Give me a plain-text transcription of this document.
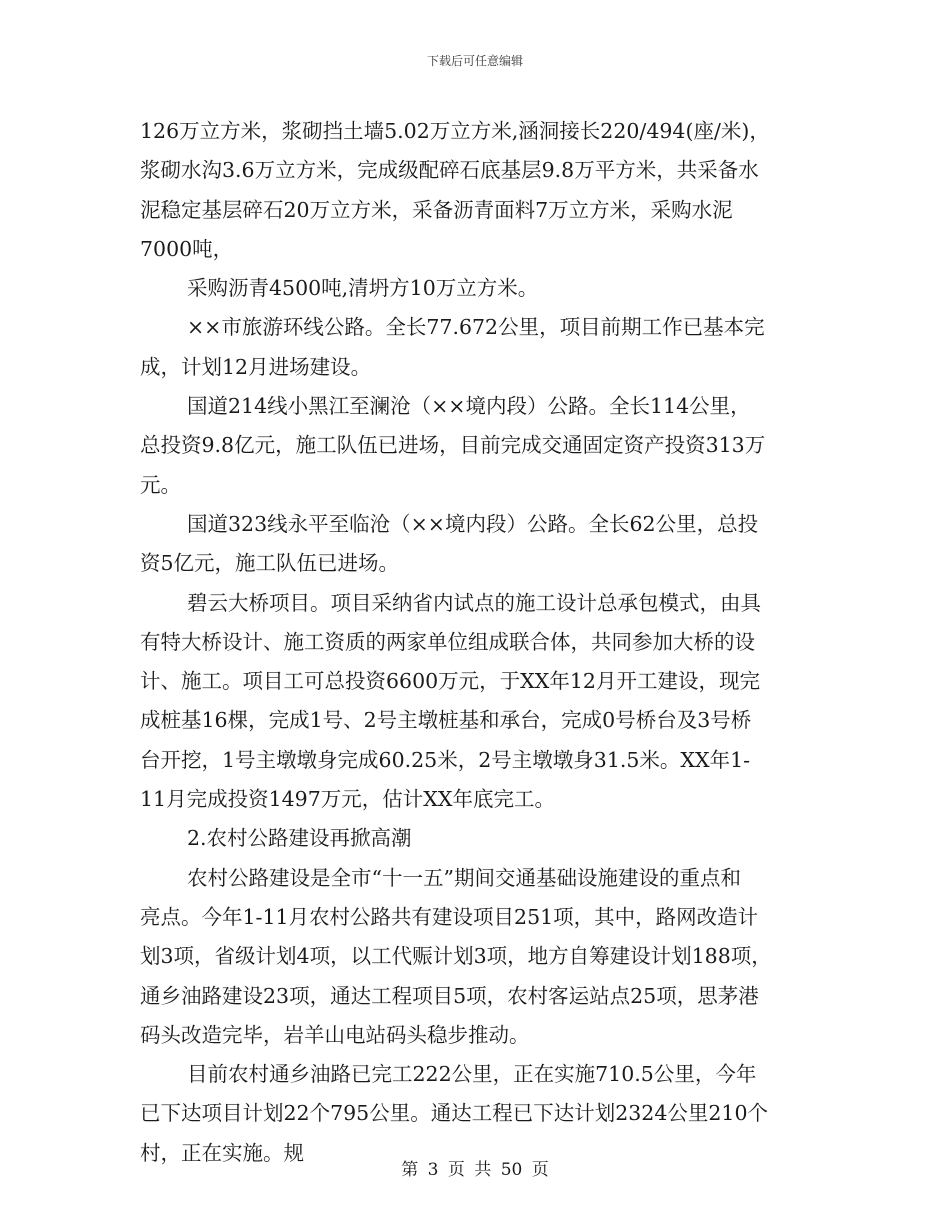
下载后可任意编辑
126万立方米，浆砌挡土墙5.02万立方米,涵洞接长220/494(座/米)，
浆砌水沟3.6万立方米，完成级配碎石底基层9.8万平方米，共采备水
泥稳定基层碎石20万立方米，采备沥青面料7万立方米，采购水泥
7000吨，
采购沥青4500吨,清坍方10万立方米。
××市旅游环线公路。全长77.672公里，项目前期工作已基本完
成，计划12月进场建设。
国道214线小黑江至澜沧（××境内段）公路。全长114公里，
总投资9.8亿元，施工队伍已进场，目前完成交通固定资产投资313万
元。
国道323线永平至临沧（××境内段）公路。全长62公里，总投
资5亿元，施工队伍已进场。
碧云大桥项目。项目采纳省内试点的施工设计总承包模式，由具
有特大桥设计、施工资质的两家单位组成联合体，共同参加大桥的设
计、施工。项目工可总投资6600万元，于XX年12月开工建设，现完
成桩基16棵，完成1号、2号主墩桩基和承台，完成0号桥台及3号桥
台开挖，1号主墩墩身完成60.25米，2号主墩墩身31.5米。XX年1-
11月完成投资1497万元，估计XX年底完工。
2.农村公路建设再掀高潮
农村公路建设是全市“十一五”期间交通基础设施建设的重点和
亮点。今年1-11月农村公路共有建设项目251项，其中，路网改造计
划3项，省级计划4项，以工代赈计划3项，地方自筹建设计划188项，
通乡油路建设23项，通达工程项目5项，农村客运站点25项，思茅港
码头改造完毕，岩羊山电站码头稳步推动。
目前农村通乡油路已完工222公里，正在实施710.5公里，今年
已下达项目计划22个795公里。通达工程已下达计划2324公里210个
村，正在实施。规
第 3 页 共 50 页
